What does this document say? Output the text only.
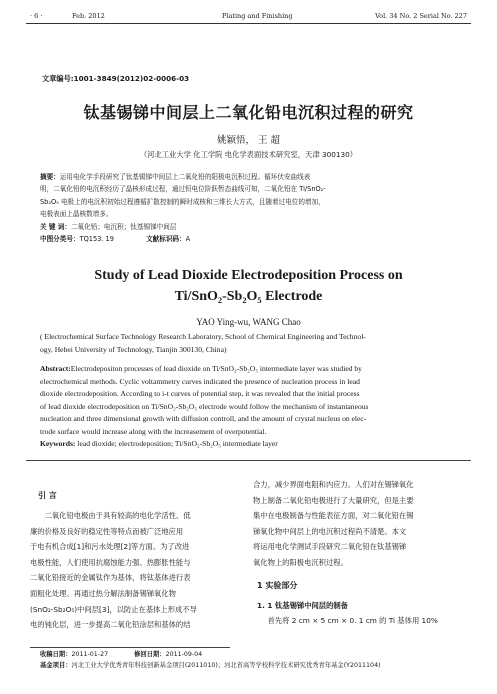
· 6 ·	Feb. 2012	Plating and Finishing	Vol. 34 No. 2 Serial No. 227
文章编号:1001-3849(2012)02-0006-03
钛基锡锑中间层上二氧化铅电沉积过程的研究
姚颖悟， 王 超
（河北工业大学 化工学院 电化学表面技术研究室，天津 300130）
摘要：运用电化学手段研究了钛基锡锑中间层上二氧化铅的阳极电沉积过程。循环伏安曲线表
明，二氧化铅的电沉积经历了晶核形成过程，通过恒电位阶跃暂态曲线可知，二氧化铅在 Ti/SnO₂-
Sb₂O₅ 电极上的电沉积初始过程遵循扩散控制的瞬时成核和三维长大方式，且随着过电位的增加，
电极表面上晶核数增多。
关 键 词：二氧化铅；电沉积；钛基锡锑中间层
中图分类号：TQ153. 19	文献标识码：A
Study of Lead Dioxide Electrodeposition Process on
Ti/SnO₂-Sb₂O₅ Electrode
YAO Ying-wu, WANG Chao
( Electrochemical Surface Technology Research Laboratory, School of Chemical Engineering and Technol-
ogy, Hebei University of Technology, Tianjin 300130, China)
Abstract:Electrodepositon processes of lead dioxide on Ti/SnO₂-Sb₂O₅ intermediate layer was studied by
electrochemical methods. Cyclic voltammetry curves indicated the presence of nucleation process in lead
dioxide electrodeposition. According to i-t curves of potential step, it was revealed that the initial process
of lead dioxide electrodeposition on Ti/SnO₂-Sb₂O₅ electrode would follow the mechanism of instantaneous
nucleation and three dimensional growth with diffusion controll, and the amount of crystal nucleus on elec-
trode surface would increase along with the increasement of overpotential.
Keywords: lead dioxide; electrodeposition; Ti/SnO₂-Sb₂O₅ intermediate layer
引 言
二氧化铅电极由于具有较高的电化学活性、低
廉的价格及良好的稳定性等特点而被广泛地应用
于电有机合成[1]和污水处理[2]等方面。为了改进
电极性能，人们使用抗腐蚀能力强、热膨胀性能与
二氧化铅接近的金属钛作为基体，将钛基体进行表
面粗化处理、再通过热分解法制备锡锑氧化物
(SnO₂-Sb₂O₅)中间层[3]，以防止在基体上形成不导
电的钝化层，进一步提高二氧化铅涂层和基体的结
合力，减少界面电阻和内应力。人们对在锡锑氧化
物上制备二氧化铅电极进行了大量研究，但是主要
集中在电极制备与性能表征方面，对二氧化铅在锡
锑氧化物中间层上的电沉积过程尚不清楚。本文
将运用电化学测试手段研究二氧化铅在钛基锡锑
氧化物上的阳极电沉积过程。
1 实验部分
1. 1 钛基锡锑中间层的制备
首先将 2 cm × 5 cm × 0. 1 cm 的 Ti 基体用 10%
收稿日期：2011-01-27	修回日期：2011-09-04
基金项目：河北工业大学优秀青年科技创新基金项目(2011010)；河北省高等学校科学技术研究优秀青年基金(Y2011104)
